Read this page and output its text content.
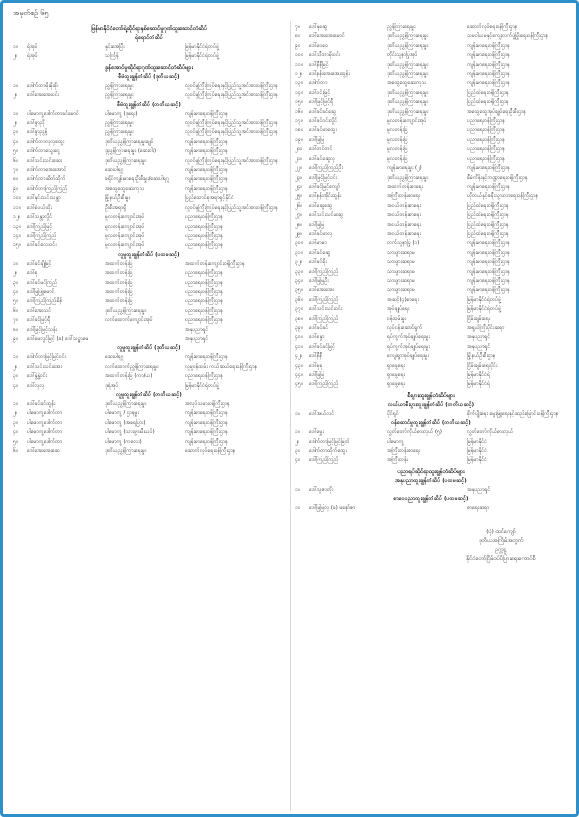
အမှတ်စဉ် ၆၅
မြန်မာနိုင်ငံတော်ရဲ့ဆိုင်ရာနှစ်ဆောင်မှုဂုဏ်ထူးဆောင်တံဆိပ်
ရဲရောင်တံဆိပ်
၁။	ရဲအုပ်	နှင်းအေပြီး	မြန်မာနိုင်ငံရဲတပ်ဖွဲ့
၂။	ရဲအုပ်	သင်္ကြန်	မြန်မာနိုင်ငံရဲတပ်ဖွဲ့
ခွန်အောင်မှုဆိုင်ရာဂုဏ်ထူးဆောင်တံဆိပ်များ
စီမံထူးချွန်တံဆိပ် (ဒုတိယဆင့်)
၁။	ဒေါက်တာမိုးမိုးစိုး	ညွှန်ကြားရေးမှူး	လူဝင်မှုကြီးကြပ်ရေးနှင့်ပြည်သူ့အင်အားဝန်ကြီးဌာန
၂။	ဒေါ်အေးအေးဝင်း	ညွှန်ကြားရေးမှူး	လူဝင်မှုကြီးကြပ်ရေးနှင့်ပြည်သူ့အင်အားဝန်ကြီးဌာန
စီမံထူးချွန်တံဆိပ် (တတိယဆင့်)
၁။	ပါမောက္ခဒေါက်တာခင်မောင်	ပါမောက္ခ (ဒုရေး)	ကျန်းမာရေးဝန်ကြီးဌာန
၂။	ဒေါ်ခွာညို	ညွှန်ကြားရေးမှူး	လူဝင်မှုကြီးကြပ်ရေးနှင့်ပြည်သူ့အင်အားဝန်ကြီးဌာန
၃။	ဒေါ်ခွာညွန့်	ညွှန်ကြားရေးမှူး	လူဝင်မှုကြီးကြပ်ရေးနှင့်ပြည်သူ့အင်အားဝန်ကြီးဌာန
၄။	ဒေါက်တာလှလှထွေး	ဒုတိယညွှန်ကြားရေးမှူးချုပ်	ကျန်းမာရေးဝန်ကြီးဌာန
၅။	ဒေါက်တာသွေးငွေ	ဒုညွှန်ကြားရေးမှူး (ဆေးဝါး)	ကျန်းမာရေးဝန်ကြီးဌာန
၆။	ဒေါ်သင်းသင်းဆေး	ဒုတိယညွှန်ကြားရေးမှူး	လူဝင်မှုကြီးကြပ်ရေးနှင့်ပြည်သူ့အင်အားဝန်ကြီးဌာန
၇။	ဒေါက်တာအေးအောင်	ဆေးပါရဂူ	ကျန်းမာရေးဝန်ကြီးဌာန
၈။	ဒေါက်တာဆိတ်ထိုက်	ခရိုင်ကျန်းမာရေးဦးစီးမှူး/ဆေးပါရဂူ	ကျန်းမာရေးဝန်ကြီးဌာန
၉။	ဒေါက်တာကြည်ကြည်	အထွေထွေဆေးကုသ	ကျန်းမာရေးဝန်ကြီးဌာန
၁၀။	ဒေါ်နှင်းသင်းသန္တာ	မြို့နယ်ဦးစီးမှူး	ပြည်ထောင်စုအရာရှင့်နိုင်ငံ
၁၁။	ဒေါ်စံပယ်ထိုး	ဦးစီးအရာရှိ	လူဝင်မှုကြီးကြပ်ရေးနှင့်ပြည်သူ့အင်အားဝန်ကြီးဌာန
၁၂။	ဒေါ်သန္တာလှိုင်	မူလတန်းကျောင်းအုပ်	ပညာရေးဝန်ကြီးဌာန
၁၃။	ဒေါ်ကြည်မြင့်	မူလတန်းကျောင်းအုပ်	ပညာရေးဝန်ကြီးဌာန
၁၄။	ဒေါ်ကြည်ကြည်	မူလတန်းကျောင်းအုပ်	ပညာရေးဝန်ကြီးဌာန
၁၅။	ဒေါ်ခင်လေးဝင်း	မူလတန်းကျောင်းအုပ်	ပညာရေးဝန်ကြီးဌာန
လူမှုထူးချွန်တံဆိပ် (ပထမဆင့်)
၁။	ဒေါ်ခင်ချိုမြင့်	အထက်တန်းပြ	အထက်တန်းကျောင်းဝန်ကြီးဌာန
၂။	ဒေါ်စု	အထက်တန်းပြ	ပညာရေးဝန်ကြီးဌာန
၃။	ဒေါ်ခင်မင်ကြည်	အထက်တန်းပြ	ပညာရေးဝန်ကြီးဌာန
၄။	ဒေါ်မြဖြူမောင်	အထက်တန်းပြ	ပညာရေးဝန်ကြီးဌာန
၅။	ဒေါ်ကြည်ကြည်စိန်	အထက်တန်းပြ	ပညာရေးဝန်ကြီးဌာန
၆။	ဒေါ်အေးသင်	ဒုတိယညွှန်ကြားရေးမှူး	ပညာရေးဝန်ကြီးဌာန
၇။	ဒေါ်ခင်မြင့်ရီ	လက်ထောက်ကျောင်းအုပ်	ပညာရေးဝန်ကြီးဌာန
၈။	ဒေါ်မြင့်မြင့်သန်း	အနုပညာရှင်
၉။	ဒေါ်မေလွင်မြင့် (ခ) ဒေါ်သဉ္ဇာမေ	အနုပညာရှင်
လူမှုထူးချွန်တံဆိပ် (ဒုတိယဆင့်)
၁။	ဒေါက်တာမြင့်မြင့်ဝင်း	ဆေးပါရဂူ	ကျန်းမာရေးဝန်ကြီးဌာန
၂။	ဒေါ်သင်းသင်းအေး	လက်ထောက်ညွှန်ကြားရေးမှူး	လူမှုဝန်ထမ်း ကယ်ဆယ်ရေးဝန်ကြီးဌာန
၃။	ဒေါ်နွဲ့နွဲ့ဝင်း	အထက်တန်းပြ (ကာ/ယ)	ပညာရေးဝန်ကြီးဌာန
၄။	ဒေါ်လှလှ	ဒုရဲအုပ်	မြန်မာနိုင်ငံရဲတပ်ဖွဲ့
လူမှုထူးချွန်တံဆိပ် (တတိယဆင့်)
၁။	ဒေါ်ခင်ခင်ထွန်း	ဒုတိယညွှန်ကြားရေးမှူး	အလုပ်သမားဝန်ကြီးဌာန
၂။	ပါမောက္ခဒေါက်တာ	ပါမောက္ခ / ဌာနမှူး	ကျန်းမာရေးဝန်ကြီးဌာန
၃။	ပါမောက္ခဒေါက်တာ	ပါမောက္ခ (အရေပြား)	ကျန်းမာရေးဝန်ကြီးဌာန
၄။	ပါမောက္ခဒေါက်တာ	ပါမောက္ခ (သားဖွားမီးယပ်)	ကျန်းမာရေးဝန်ကြီးဌာန
၅။	ပါမောက္ခဒေါက်တာ	ပါမောက္ခ (ကလေး)	ကျန်းမာရေးဝန်ကြီးဌာန
၆။	ဒေါ်အေးအေးဆေ	ဒုတိယညွှန်ကြားရေးမှူး	ဆောက်လုပ်ရေးဝန်ကြီးဌာန
၇။	ဒေါ်နုဆွေ	ညွှန်ကြားရေးမှူး	ဆောက်လုပ်ရေးဝန်ကြီးဌာန
၈။	ဒေါ်အေးအေးမောင်	ဒုတိယညွှန်ကြားရေးမှူး	သမဝါယမနှင့်ကျေးလက်ဖွံ့ဖြိုးရေးဝန်ကြီးဌာန
၉။	ဒေါ်ဝေဝေ	ဒုတိယညွှန်ကြားရေးမှူး	ကျန်းမာရေးဝန်ကြီးဌာန
၁၀။	ဒေါ်သီတာမိုးဝင်း	တိုင်းသူနာပြုအုပ်	ကျန်းမာရေးဝန်ကြီးဌာန
၁၁။	ဒေါ်နီနီမြင့်	ဒုတိယညွှန်ကြားရေးမှူး	ကျန်းမာရေးဝန်ကြီးဌာန
၁၂။	ဒေါ်နန်းအေးအေးထွန်း	ဒုတိယညွှန်ကြားရေးမှူး	ကျန်းမာရေးဝန်ကြီးဌာန
၁၃။	ဒေါက်တာ	အထွေထွေဆေးကုသ	ကျန်းမာရေးဝန်ကြီးဌာန
၁၄။	ဒေါ်ဝင်းမြင့်	ဒုတိယညွှန်ကြားရေးမှူး	ပြည်ထဲရေးဝန်ကြီးဌာန
၁၅။	ဒေါ်မြင့်မြင့်ရီ	ဒုတိယညွှန်ကြားရေးမှူး	ပြည်ထဲရေးဝန်ကြီးဌာန
၁၆။	ဒေါ်ခင်ခင်ဆွေ	ဒုတိယညွှန်ကြားရေးမှူး	အထွေထွေအုပ်ချုပ်ရေးဦးစီးဌာန
၁၇။	ဒေါ်ခင်ဝင်းလှိုင်	မူလတန်းကျောင်းအုပ်	ပညာရေးဝန်ကြီးဌာန
၁၈။	ဒေါ်ခင်မာထွေး	မူလတန်းပြ	ပညာရေးဝန်ကြီးဌာန
၁၉။	ဒေါ်မြမြ	မူလတန်းပြ	ပညာရေးဝန်ကြီးဌာန
၂၀။	ဒေါ်တင်တင်	မူလတန်းပြ	ပညာရေးဝန်ကြီးဌာန
၂၁။	ဒေါ်ခင်ဆွေလှ	မူလတန်းပြ	ပညာရေးဝန်ကြီးဌာန
၂၂။	ဒေါ်ကြည်ကြည်ဦး	ကျန်းမာရေးမှူး (၂)	ကျန်းမာရေးဝန်ကြီးဌာန
၂၃။	ဒေါ်မြင့်မြင့်ဝင်း	ဒုတိယညွှန်ကြားရေးမှူး	စီမံကိန်းနှင့်ဘဏ္ဍာရေးဝန်ကြီးဌာန
၂၄။	ဒေါ်ခင်မြင့်ကျော်	အထက်တန်းစာရေး	ကျန်းမာရေးဝန်ကြီးဌာန
၂၅။	ဒေါ်နန်းအိုင်းထွန်း	အကြီးတန်းစာရေး	ဟိုတယ်နှင့်ခရီးသွားလာရေးဝန်ကြီးဌာန
၂၆။	ဒေါ်ဆွေဆွေ	အငယ်တန်းစာရေး	ပြည်ထဲရေးဝန်ကြီးဌာန
၂၇။	ဒေါ်သင်းသင်းဆွေ	အငယ်တန်းစာရေး	ပြည်ထဲရေးဝန်ကြီးဌာန
၂၈။	ဒေါ်မြမြ	အငယ်တန်းစာရေး	ပြည်ထဲရေးဝန်ကြီးဌာန
၂၉။	ဒေါ်ခင်မာလှ	အငယ်တန်းစာရေး	ပြည်ထဲရေးဝန်ကြီးဌာန
၃၀။	ဒေါ်မာမာ	တက်သူနာပြု (၁)	ကျန်းမာရေးဝန်ကြီးဌာန
၃၁။	ဒေါ်ခင်ဆွေ	သားဖွားဆရာမ	ကျန်းမာရေးဝန်ကြီးဌာန
၃၂။	ဒေါ်ခင်စိုး	သားဖွားဆရာမ	ကျန်းမာရေးဝန်ကြီးဌာန
၃၃။	ဒေါ်ကြည်ကြည်	သားဖွားဆရာမ	ကျန်းမာရေးဝန်ကြီးဌာန
၃၄။	ဒေါ်မြမြဦး	သားဖွားဆရာမ	ကျန်းမာရေးဝန်ကြီးဌာန
၃၅။	ဒေါ်အေးအေး	သားဖွားဆရာမ	ကျန်းမာရေးဝန်ကြီးဌာန
၃၆။	ဒေါ်ကြည်ကြည်	အဆင့်(၄)စာရေး	မြန်မာနိုင်ငံရဲတပ်ဖွဲ့
၃၇။	ဒေါ်သင်းသင်းဝင်း	အုပ်ချုပ်ရေး	မြန်မာနိုင်ငံရဲတပ်ဖွဲ့
၃၈။	ဒေါ်ကြည်ကြည်	ဝန်ထမ်းမှူး	ငြိမ်းချမ်းရေး
၃၉။	ဒေါ်ခင်ခင်	လုပ်ငန်းဆောင်ရွက်	အရွယ်ကြီးပိုင်းဆရာ
၄၀။	ဒေါ်စန္ဒာ	ရပ်ကွက်အုပ်ချုပ်ရေးမှူး	အနုပညာရှင်
၄၁။	ဒေါ်ခင်ခင်မြင့်	ရပ်ကွက်အုပ်ချုပ်ရေးမှူး	အနုပညာရှင်
၄၂။	ဒေါ်နီနီ	ကျေးရွာအုပ်ချုပ်ရေးမှူး	မြို့နယ်ဦးစီးဌာန
၄၃။	ဒေါ်စုစု	ရှာဖွေရေး	ငြိမ်းချမ်းရေးပိုင်း
၄၄။	ဒေါ်မြမြ	ရှာဖွေရေး	မြန်မာနိုင်ငံရဲ
၄၅။	ဒေါ်ကြည်ကြည်	ရှာဖွေရေး	မြန်မာနိုင်ငံရဲ
စီးပွားထူးချွန်တံဆိပ်များ
လယ်ယာစီးပွားထူးချွန်တံဆိပ် (တတိယဆင့်)
၁။	ဒေါ်အယ်လင်	ပိုင်ရှင်	စိုက်ပျိုးရေး မွေးမြူရေးနှင့်ဆည်မြောင်းဝန်ကြီးဌာန
ဝန်ဆောင်မှုထူးချွန်တံဆိပ် (တတိယဆင့်)
၁။	ဒေါ်မွှေး	လွှတ်တော်ကိုယ်စားလှယ် (၅)	လွှတ်တော်ကိုယ်စားလှယ်
၂။	ဒေါက်တာမြင့်မြင့်မြတ်	ပါမောက္ခ	မြန်မာနိုင်ငံ
၃။	ဒေါက်တာထိုက်ထွေး	အကြီးတန်းစာရေး	မြန်မာနိုင်ငံ
၄။	ဒေါ်ကြည်ကြည်	အကြီးတန်း	မြန်မာနိုင်ငံ
ပညာရပ်ဆိုင်ရာထူးချွန်တံဆိပ်များ
အနုပညာထူးချွန်တံဆိပ် (ပထမဆင့်)
၁။	ဒေါ်သူဇာတိုး	အနုပညာရှင်
စာပေပညာထူးချွန်တံဆိပ် (ပထမဆင့်)
၁။	ဒေါ်မြမြလှ (ခ) မနော်ဇာ	စာရေးဆရာ
(ပုံ) ထင်ကျော်
ဒုတိယအကြိမ်အတွက်
ဥက္ကဋ္ဌ
နိုင်ငံတော်ငြိမ်ဝပ်ပိပြားရေးကောင်စီ
